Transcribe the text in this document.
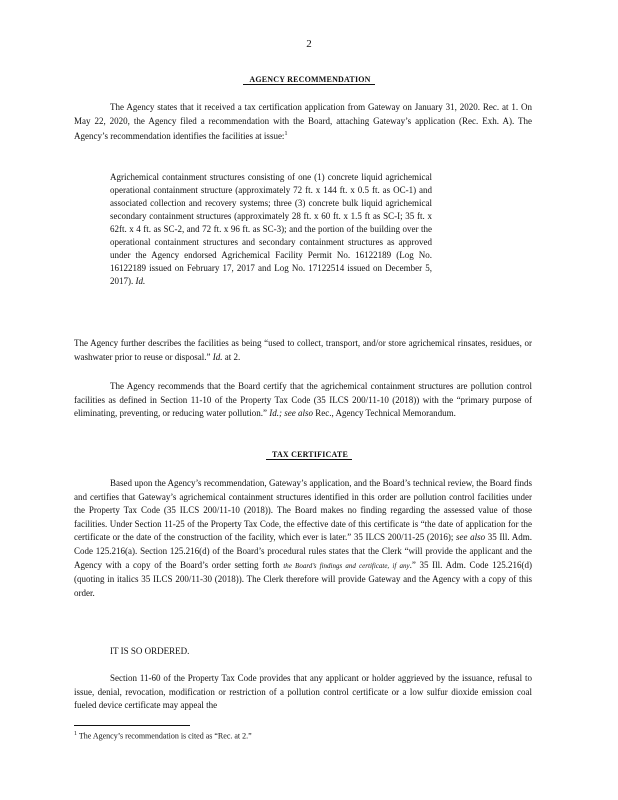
2
AGENCY RECOMMENDATION

The Agency states that it received a tax certification application from Gateway on January 31, 2020. Rec. at 1. On May 22, 2020, the Agency filed a recommendation with the Board, attaching Gateway’s application (Rec. Exh. A). The Agency’s recommendation identifies the facilities at issue:$^1$

Agrichemical containment structures consisting of one (1) concrete liquid agrichemical operational containment structure (approximately 72 ft. x 144 ft. x 0.5 ft. as OC-1) and associated collection and recovery systems; three (3) concrete bulk liquid agrichemical secondary containment structures (approximately 28 ft. x 60 ft. x 1.5 ft as SC-I; 35 ft. x 62ft. x 4 ft. as SC-2, and 72 ft. x 96 ft. as SC-3); and the portion of the building over the operational containment structures and secondary containment structures as approved under the Agency endorsed Agrichemical Facility Permit No. 16122189 (Log No. 16122189 issued on February 17, 2017 and Log No. 17122514 issued on December 5, 2017). Id.

The Agency further describes the facilities as being “used to collect, transport, and/or store agrichemical rinsates, residues, or washwater prior to reuse or disposal.” Id. at 2.

The Agency recommends that the Board certify that the agrichemical containment structures are pollution control facilities as defined in Section 11-10 of the Property Tax Code (35 ILCS 200/11-10 (2018)) with the “primary purpose of eliminating, preventing, or reducing water pollution.” Id.; see also Rec., Agency Technical Memorandum.

TAX CERTIFICATE

Based upon the Agency’s recommendation, Gateway’s application, and the Board’s technical review, the Board finds and certifies that Gateway’s agrichemical containment structures identified in this order are pollution control facilities under the Property Tax Code (35 ILCS 200/11-10 (2018)). The Board makes no finding regarding the assessed value of those facilities. Under Section 11-25 of the Property Tax Code, the effective date of this certificate is “the date of application for the certificate or the date of the construction of the facility, which ever is later.” 35 ILCS 200/11-25 (2016); see also 35 Ill. Adm. Code 125.216(a). Section 125.216(d) of the Board’s procedural rules states that the Clerk “will provide the applicant and the Agency with a copy of the Board’s order setting forth the Board’s findings and certificate, if any.” 35 Ill. Adm. Code 125.216(d) (quoting in italics 35 ILCS 200/11-30 (2018)). The Clerk therefore will provide Gateway and the Agency with a copy of this order.

IT IS SO ORDERED.

Section 11-60 of the Property Tax Code provides that any applicant or holder aggrieved by the issuance, refusal to issue, denial, revocation, modification or restriction of a pollution control certificate or a low sulfur dioxide emission coal fueled device certificate may appeal the

$^1$ The Agency’s recommendation is cited as “Rec. at 2.”
